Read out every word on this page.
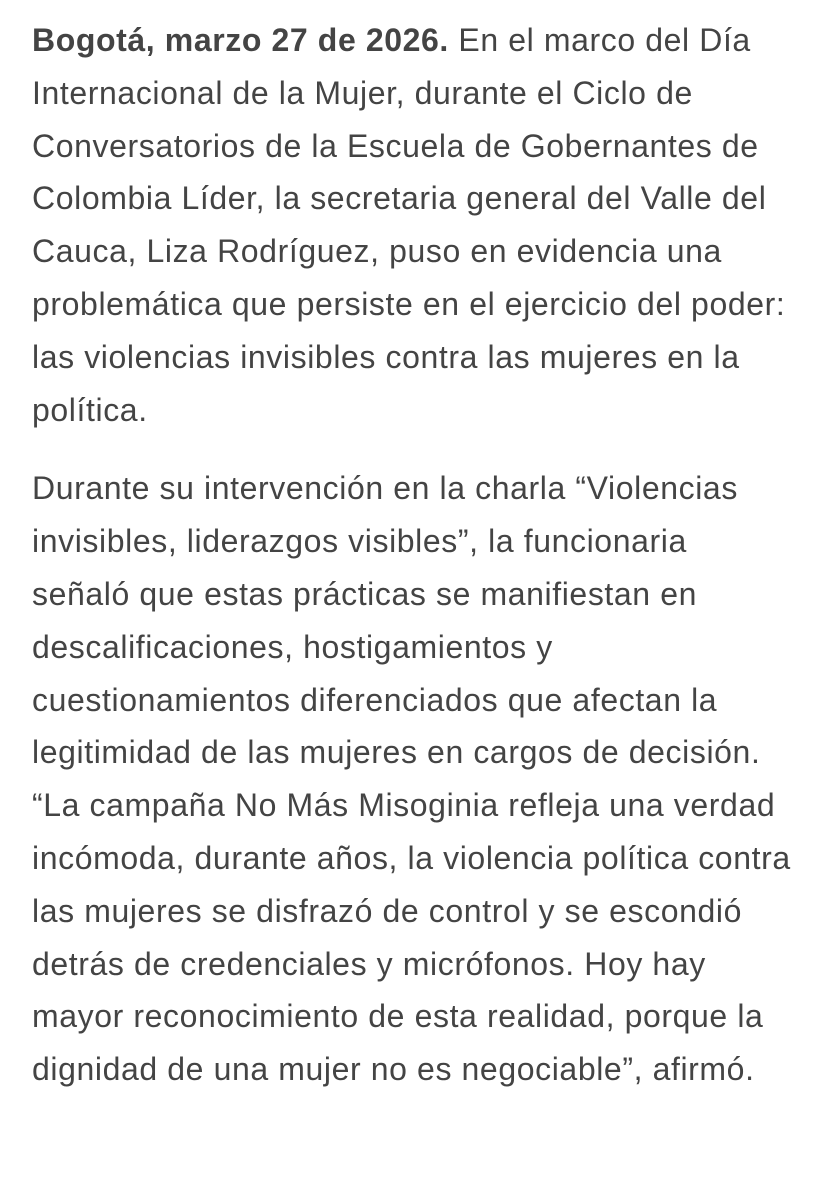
Bogotá, marzo 27 de 2026. En el marco del Día Internacional de la Mujer, durante el Ciclo de Conversatorios de la Escuela de Gobernantes de Colombia Líder, la secretaria general del Valle del Cauca, Liza Rodríguez, puso en evidencia una problemática que persiste en el ejercicio del poder: las violencias invisibles contra las mujeres en la política.

Durante su intervención en la charla “Violencias invisibles, liderazgos visibles”, la funcionaria señaló que estas prácticas se manifiestan en descalificaciones, hostigamientos y cuestionamientos diferenciados que afectan la legitimidad de las mujeres en cargos de decisión. “La campaña No Más Misoginia refleja una verdad incómoda, durante años, la violencia política contra las mujeres se disfrazó de control y se escondió detrás de credenciales y micrófonos. Hoy hay mayor reconocimiento de esta realidad, porque la dignidad de una mujer no es negociable”, afirmó.
